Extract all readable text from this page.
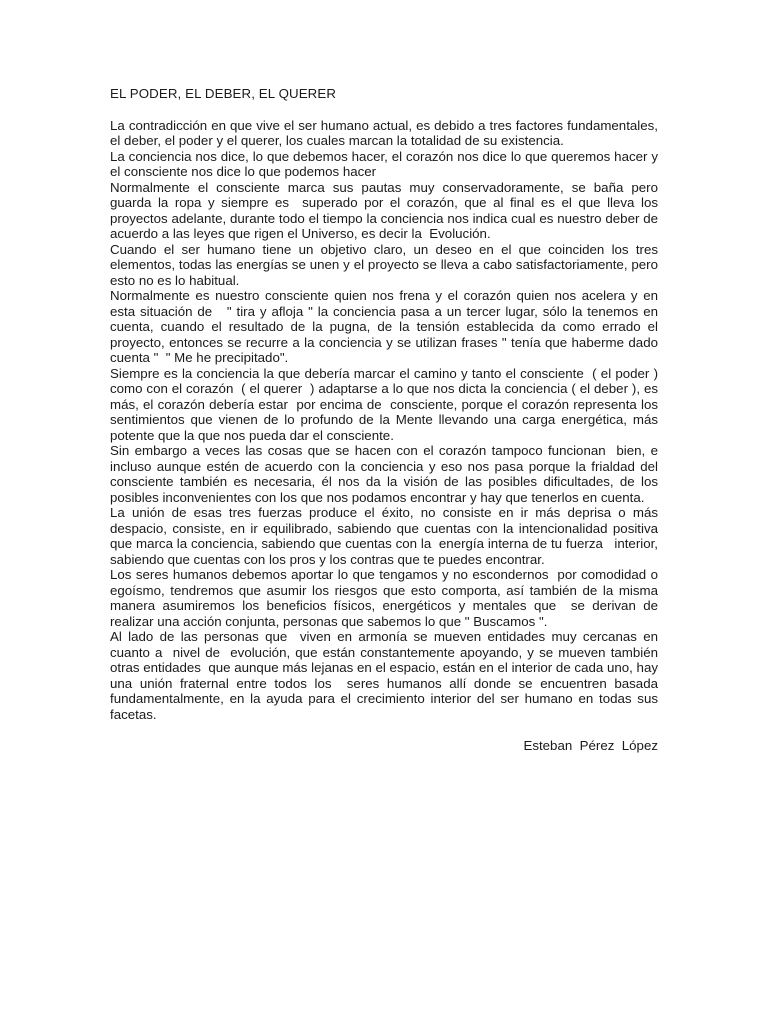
EL PODER, EL DEBER, EL QUERER

La contradicción en que vive el ser humano actual, es debido a tres factores fundamentales, el deber, el poder y el querer, los cuales marcan la totalidad de su existencia.

La conciencia nos dice, lo que debemos hacer, el corazón nos dice lo que queremos hacer y el consciente nos dice lo que podemos hacer

Normalmente el consciente marca sus pautas muy conservadoramente, se baña pero guarda la ropa y siempre es  superado por el corazón, que al final es el que lleva los proyectos adelante, durante todo el tiempo la conciencia nos indica cual es nuestro deber de acuerdo a las leyes que rigen el Universo, es decir la  Evolución.

Cuando el ser humano tiene un objetivo claro, un deseo en el que coinciden los tres elementos, todas las energías se unen y el proyecto se lleva a cabo satisfactoriamente, pero esto no es lo habitual.

Normalmente es nuestro consciente quien nos frena y el corazón quien nos acelera y en esta situación de   " tira y afloja " la conciencia pasa a un tercer lugar, sólo la tenemos en cuenta, cuando el resultado de la pugna, de la tensión establecida da como errado el proyecto, entonces se recurre a la conciencia y se utilizan frases " tenía que haberme dado cuenta "  " Me he precipitado".

Siempre es la conciencia la que debería marcar el camino y tanto el consciente  ( el poder ) como con el corazón  ( el querer  ) adaptarse a lo que nos dicta la conciencia ( el deber ), es más, el corazón debería estar  por encima de  consciente, porque el corazón representa los sentimientos que vienen de lo profundo de la Mente llevando una carga energética, más potente que la que nos pueda dar el consciente.

Sin embargo a veces las cosas que se hacen con el corazón tampoco funcionan  bien, e incluso aunque estén de acuerdo con la conciencia y eso nos pasa porque la frialdad del consciente también es necesaria, él nos da la visión de las posibles dificultades, de los posibles inconvenientes con los que nos podamos encontrar y hay que tenerlos en cuenta.

La unión de esas tres fuerzas produce el éxito, no consiste en ir más deprisa o más despacio, consiste, en ir equilibrado, sabiendo que cuentas con la intencionalidad positiva  que marca la conciencia, sabiendo que cuentas con la  energía interna de tu fuerza   interior, sabiendo que cuentas con los pros y los contras que te puedes encontrar.

Los seres humanos debemos aportar lo que tengamos y no escondernos  por comodidad o egoísmo, tendremos que asumir los riesgos que esto comporta, así también de la misma manera asumiremos los beneficios físicos, energéticos y mentales que  se derivan de realizar una acción conjunta, personas que sabemos lo que " Buscamos ".

Al lado de las personas que  viven en armonía se mueven entidades muy cercanas en cuanto a  nivel de  evolución, que están constantemente apoyando, y se mueven también otras entidades  que aunque más lejanas en el espacio, están en el interior de cada uno, hay una unión fraternal entre todos los  seres humanos allí donde se encuentren basada fundamentalmente, en la ayuda para el crecimiento interior del ser humano en todas sus facetas.

Esteban  Pérez  López
